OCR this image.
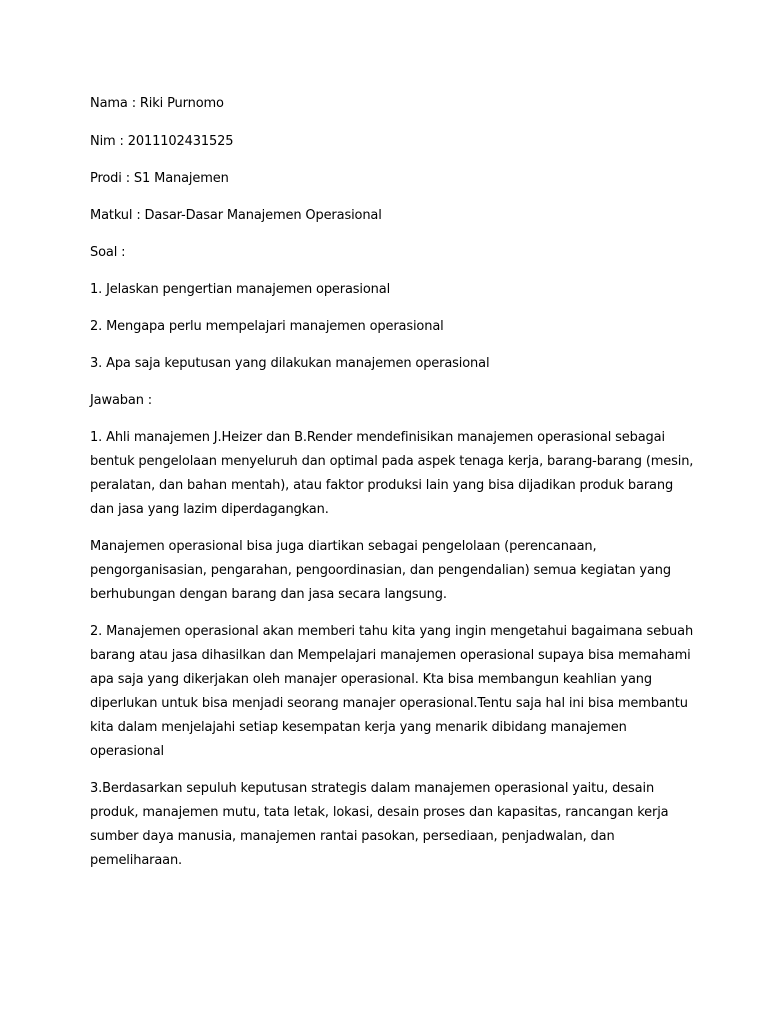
Nama : Riki Purnomo

Nim : 2011102431525

Prodi : S1 Manajemen

Matkul : Dasar-Dasar Manajemen Operasional

Soal :

1. Jelaskan pengertian manajemen operasional

2. Mengapa perlu mempelajari manajemen operasional

3. Apa saja keputusan yang dilakukan manajemen operasional

Jawaban :

1. Ahli manajemen J.Heizer dan B.Render mendefinisikan manajemen operasional sebagai
bentuk pengelolaan menyeluruh dan optimal pada aspek tenaga kerja, barang-barang (mesin,
peralatan, dan bahan mentah), atau faktor produksi lain yang bisa dijadikan produk barang
dan jasa yang lazim diperdagangkan.
Manajemen operasional bisa juga diartikan sebagai pengelolaan (perencanaan,
pengorganisasian, pengarahan, pengoordinasian, dan pengendalian) semua kegiatan yang
berhubungan dengan barang dan jasa secara langsung.
2. Manajemen operasional akan memberi tahu kita yang ingin mengetahui bagaimana sebuah
barang atau jasa dihasilkan dan Mempelajari manajemen operasional supaya bisa memahami
apa saja yang dikerjakan oleh manajer operasional. Kta bisa membangun keahlian yang
diperlukan untuk bisa menjadi seorang manajer operasional.Tentu saja hal ini bisa membantu
kita dalam menjelajahi setiap kesempatan kerja yang menarik dibidang manajemen
operasional
3.Berdasarkan sepuluh keputusan strategis dalam manajemen operasional yaitu, desain
produk, manajemen mutu, tata letak, lokasi, desain proses dan kapasitas, rancangan kerja
sumber daya manusia, manajemen rantai pasokan, persediaan, penjadwalan, dan
pemeliharaan.
